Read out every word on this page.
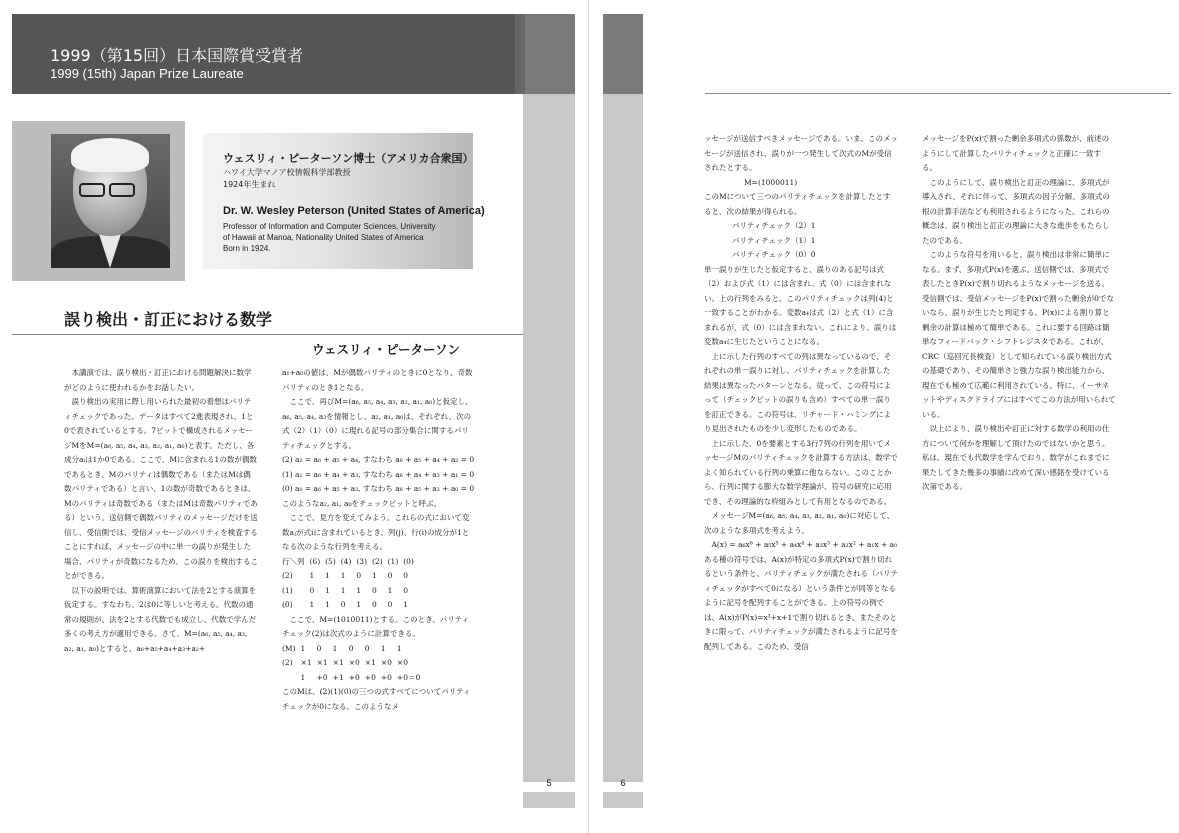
1999（第15回）日本国際賞受賞者
1999 (15th) Japan Prize Laureate
5
ウェスリィ・ピーターソン博士（アメリカ合衆国）
ハワイ大学マノア校情報科学部教授
1924年生まれ
Dr. W. Wesley Peterson (United States of America)
Professor of Information and Computer Sciences, University
of Hawaii at Manoa, Nationality United States of America
Born in 1924.
誤り検出・訂正における数学
ウェスリィ・ピーターソン

本講演では、誤り検出・訂正における問題解決に数学がどのように使われるかをお話したい。

誤り検出の実用に際し用いられた最初の着想はパリティチェックであった。データはすべて2進表現され、1と0で表されているとする。7ビットで構成されるメッセージMをM=(a₆, a₅, a₄, a₃, a₂, a₁, a₀)と表す。ただし、各成分aᵢは1か0である。ここで、Mに含まれる1の数が偶数であるとき、Mのパリティは偶数である（またはMは偶数パリティである）と言い、1の数が奇数であるときは、Mのパリティは奇数である（またはMは奇数パリティである）という。送信側で偶数パリティのメッセージだけを送信し、受信側では、受信メッセージのパリティを検査することにすれば、メッセージの中に単一の誤りが発生した場合、パリティが奇数になるため、この誤りを検出することができる。

以下の説明では、算術演算において法を2とする演算を仮定する。すなわち、2は0に等しいと考える。代数の通常の規則が、法を2とする代数でも成立し、代数で学んだ多くの考え方が適用できる。さて、M=(a₆, a₅, a₄, a₃, a₂, a₁, a₀)とすると、a₆+a₅+a₄+a₃+a₂+

a₁+a₀の値は、Mが偶数パリティのときに0となり、奇数パリティのとき1となる。

ここで、再びM=(a₆, a₅, a₄, a₃, a₂, a₁, a₀)と仮定し、a₆, a₅, a₄, a₃を情報とし、a₂, a₁, a₀は、それぞれ、次の式（2）（1）（0）に現れる記号の部分集合に関するパリティチェックとする。

(2) a₂ = a₆ + a₅ + a₄, すなわち a₆ + a₅ + a₄ + a₂ = 0

(1) a₁ = a₆ + a₄ + a₃, すなわち a₆ + a₄ + a₃ + a₁ = 0

(0) a₀ = a₆ + a₅ + a₃, すなわち a₆ + a₅ + a₃ + a₀ = 0

このようなa₂, a₁, a₀をチェックビットと呼ぶ。

ここで、見方を変えてみよう。これらの式において変数aⱼが式iに含まれているとき、列(j)、行(i)の成分が1となる次のような行列を考える。

行＼列	(6)	(5)	(4)	(3)	(2)	(1)	(0)
(2)	1	1	1	0	1	0	0
(1)	0	1	1	1	0	1	0
(0)	1	1	0	1	0	0	1

ここで、M=(1010011)とする。このとき、パリティチェック(2)は次式のように計算できる。

(M)	1	0	1	0	0	1	1
(2)	×1	×1	×1	×0	×1	×0	×0
	1	+0	+1	+0	+0	+0	+0＝0

このMは、(2)(1)(0)の三つの式すべてについてパリティチェックが0になる。このようなメ

6

ッセージが送信すべきメッセージである。いま、このメッセージが送信され、誤りが一つ発生して次式のMが受信されたとする。

M=(1000011)

このMについて三つのパリティチェックを計算したとすると、次の結果が得られる。

パリティチェック（2）1

パリティチェック（1）1

パリティチェック（0）0

単一誤りが生じたと仮定すると、誤りのある記号は式（2）および式（1）には含まれ、式（0）には含まれない。上の行列をみると、このパリティチェックは列(4)と一致することがわかる。変数a₄は式（2）と式（1）に含まれるが、式（0）には含まれない。これにより、誤りは変数a₄に生じたということになる。

上に示した行列のすべての列は異なっているので、それぞれの単一誤りに対し、パリティチェックを計算した結果は異なったパターンとなる。従って、この符号によって（チェックビットの誤りも含め）すべての単一誤りを訂正できる。この符号は、リチャード・ハミングにより見出されたものを少し変形したものである。

上に示した、0を要素とする3行7列の行列を用いてメッセージMのパリティチェックを計算する方法は、数学でよく知られている行列の乗算に他ならない。このことから、行列に関する膨大な数学理論が、符号の研究に応用でき、その理論的な枠組みとして有用となるのである。

メッセージM=(a₆, a₅, a₄, a₃, a₂, a₁, a₀)に対応して、次のような多項式を考えよう。

A(x) = a₆x⁶ + a₅x⁵ + a₄x⁴ + a₃x³ + a₂x² + a₁x + a₀

ある種の符号では、A(x)が特定の多項式P(x)で割り切れるという条件と、パリティチェックが満たされる（パリティチェックがすべて0になる）という条件とが同等となるように記号を配列することができる。上の符号の例では、A(x)がP(x)=x³+x+1で割り切れるとき、またそのときに限って、パリティチェックが満たされるように記号を配列してある。このため、受信

メッセージをP(x)で割った剰余多項式の係数が、前述のようにして計算したパリティチェックと正確に一致する。

このようにして、誤り検出と訂正の理論に、多項式が導入され、それに伴って、多項式の因子分解、多項式の根の計算手法なども利用されるようになった。これらの概念は、誤り検出と訂正の理論に大きな進歩をもたらしたのである。

このような符号を用いると、誤り検出は非常に簡単になる。まず、多項式P(x)を選ぶ。送信側では、多項式で表したときP(x)で割り切れるようなメッセージを送る。受信側では、受信メッセージをP(x)で割った剰余が0でないなら、誤りが生じたと判定する。P(x)による割り算と剰余の計算は極めて簡単である。これに要する回路は簡単なフィードバック・シフトレジスタである。これが、CRC（巡回冗長検査）として知られている誤り検出方式の基礎であり、その簡単さと強力な誤り検出能力から、現在でも極めて広範に利用されている。特に、イーサネットやディスクドライブにはすべてこの方法が用いられている。

以上により、誤り検出や訂正に対する数学の利用の仕方について何かを理解して頂けたのではないかと思う。私は、現在でも代数学を学んでおり、数学がこれまでに果たしてきた幾多の事績に改めて深い感銘を受けている次第である。
